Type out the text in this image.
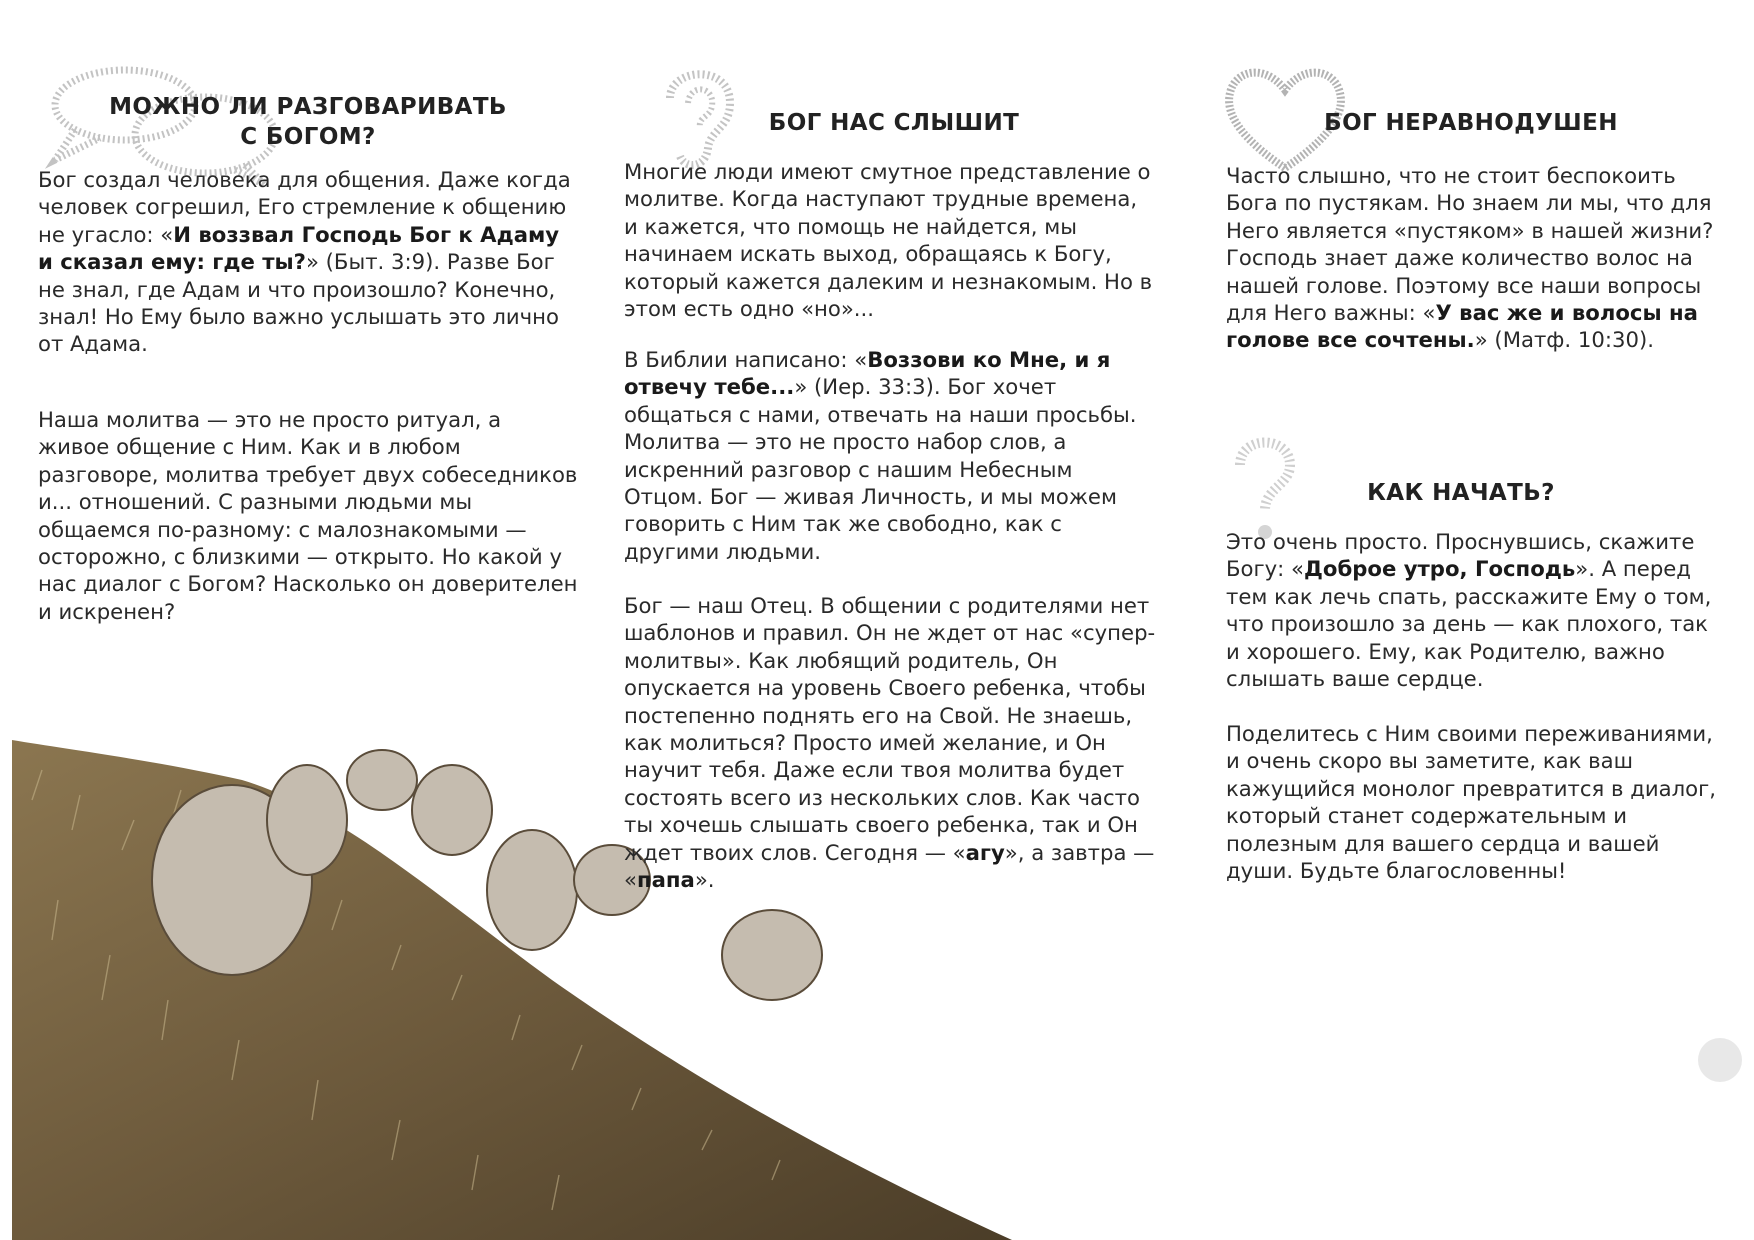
МОЖНО ЛИ РАЗГОВАРИВАТЬ
С БОГОМ?

Бог создал человека для общения. Даже когда человек согрешил, Его стремление к общению не угасло: «И воззвал Господь Бог к Адаму и сказал ему: где ты?» (Быт. 3:9). Разве Бог не знал, где Адам и что произошло? Конечно, знал! Но Ему было важно услышать это лично от Адама.

Наша молитва — это не просто ритуал, а живое общение с Ним. Как и в любом разговоре, молитва требует двух собеседников и... отношений. С разными людьми мы общаемся по-разному: с малознакомыми — осторожно, с близкими — открыто. Но какой у нас диалог с Богом? Насколько он доверителен и искренен?

БОГ НАС СЛЫШИТ

Многие люди имеют смутное представление о молитве. Когда наступают трудные времена, и кажется, что помощь не найдется, мы начинаем искать выход, обращаясь к Богу, который кажется далеким и незнакомым. Но в этом есть одно «но»...

В Библии написано: «Воззови ко Мне, и я отвечу тебе...» (Иер. 33:3). Бог хочет общаться с нами, отвечать на наши просьбы. Молитва — это не просто набор слов, а искренний разговор с нашим Небесным Отцом. Бог — живая Личность, и мы можем говорить с Ним так же свободно, как с другими людьми.

Бог — наш Отец. В общении с родителями нет шаблонов и правил. Он не ждет от нас «супер-молитвы». Как любящий родитель, Он опускается на уровень Своего ребенка, чтобы постепенно поднять его на Свой. Не знаешь, как молиться? Просто имей желание, и Он научит тебя. Даже если твоя молитва будет состоять всего из нескольких слов. Как часто ты хочешь слышать своего ребенка, так и Он ждет твоих слов. Сегодня — «агу», а завтра — «папа».

БОГ НЕРАВНОДУШЕН

Часто слышно, что не стоит беспокоить Бога по пустякам. Но знаем ли мы, что для Него является «пустяком» в нашей жизни? Господь знает даже количество волос на нашей голове. Поэтому все наши вопросы для Него важны: «У вас же и волосы на голове все сочтены.» (Матф. 10:30).

КАК НАЧАТЬ?

Это очень просто. Проснувшись, скажите Богу: «Доброе утро, Господь». А перед тем как лечь спать, расскажите Ему о том, что произошло за день — как плохого, так и хорошего. Ему, как Родителю, важно слышать ваше сердце.

Поделитесь с Ним своими переживаниями, и очень скоро вы заметите, как ваш кажущийся монолог превратится в диалог, который станет содержательным и полезным для вашего сердца и вашей души. Будьте благословенны!
